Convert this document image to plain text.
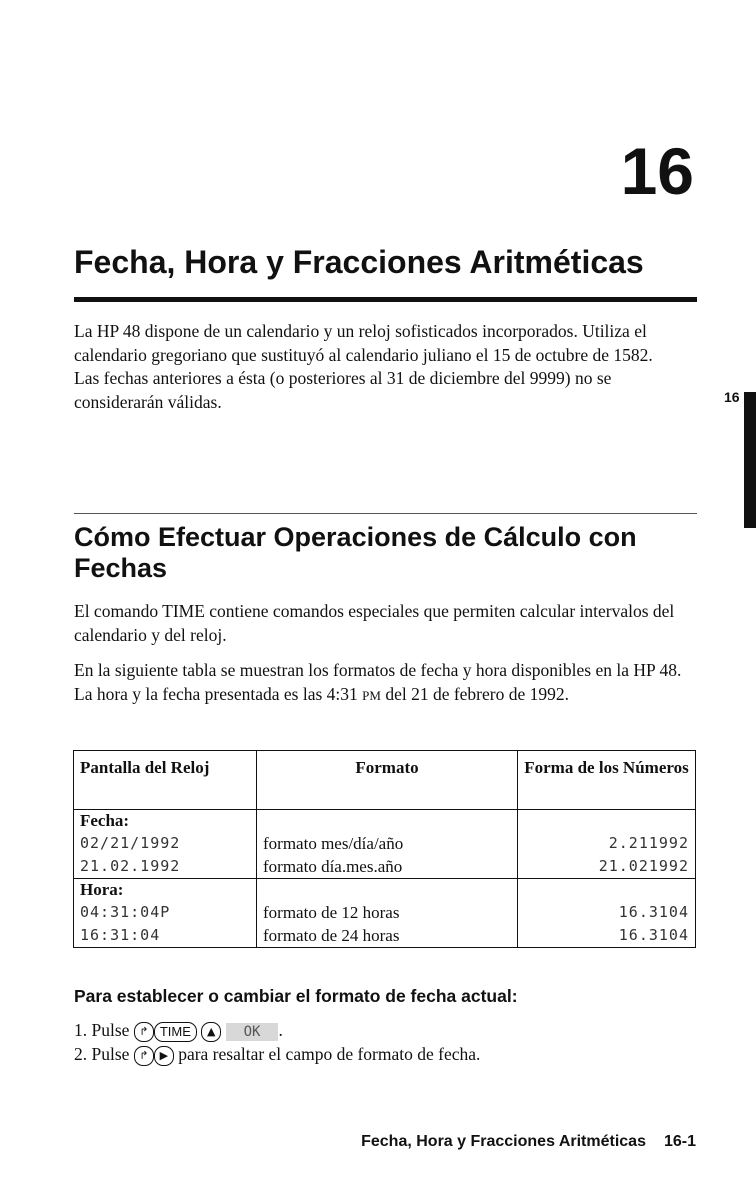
16
Fecha, Hora y Fracciones Aritméticas

La HP 48 dispone de un calendario y un reloj sofisticados incorporados. Utiliza el calendario gregoriano que sustituyó al calendario juliano el 15 de octubre de 1582. Las fechas anteriores a ésta (o posteriores al 31 de diciembre del 9999) no se considerarán válidas.	16
Cómo Efectuar Operaciones de Cálculo con Fechas

El comando TIME contiene comandos especiales que permiten calcular intervalos del calendario y del reloj.

En la siguiente tabla se muestran los formatos de fecha y hora disponibles en la HP 48. La hora y la fecha presentada es las 4:31 PM del 21 de febrero de 1992.

Pantalla del Reloj	Formato	Forma de los Números
Fecha:		
02/21/1992	formato mes/día/año	2.211992
21.02.1992	formato día.mes.año	21.021992
Hora:		
04:31:04P	formato de 12 horas	16.3104
16:31:04	formato de 24 horas	16.3104
Para establecer o cambiar el formato de fecha actual:
1. Pulse ↱ TIME ▲ OK .
2. Pulse ↱ ▶ para resaltar el campo de formato de fecha.
Fecha, Hora y Fracciones Aritméticas 16-1
